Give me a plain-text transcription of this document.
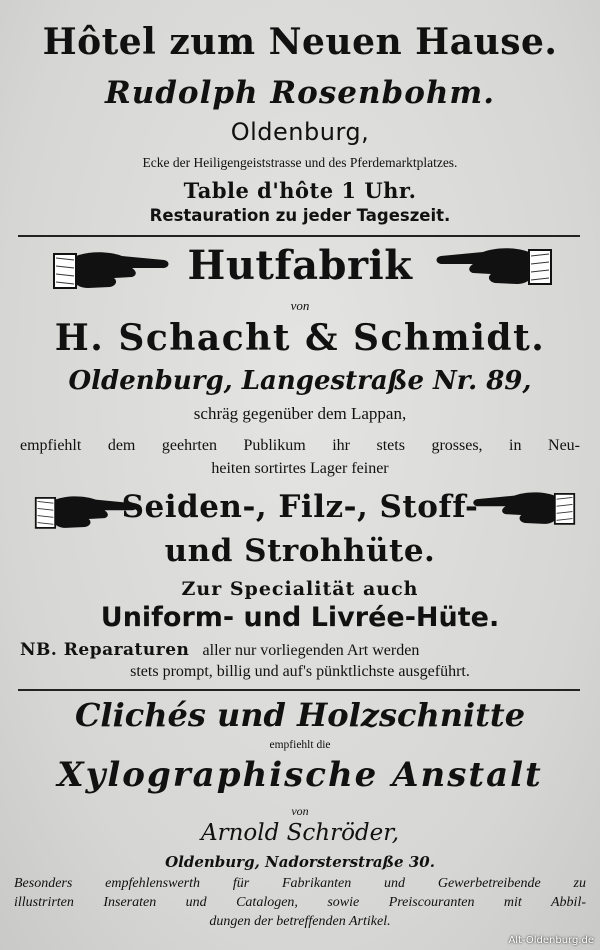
Hôtel zum Neuen Hause.
Rudolph Rosenbohm.
Oldenburg,
Ecke der Heiligengeiststrasse und des Pferdemarktplatzes.
Table d'hôte 1 Uhr.
Restauration zu jeder Tageszeit.
Hutfabrik
von
H. Schacht & Schmidt.
Oldenburg, Langestraße Nr. 89,
schräg gegenüber dem Lappan,
empfiehlt dem geehrten Publikum ihr stets grosses, in Neu-
heiten sortirtes Lager feiner
Seiden-, Filz-, Stoff-
und Strohhüte.
Zur Specialität auch
Uniform- und Livrée-Hüte.
NB. Reparaturen aller nur vorliegenden Art werden
stets prompt, billig und auf's pünktlichste ausgeführt.
Clichés und Holzschnitte
empfiehlt die
Xylographische Anstalt
von
Arnold Schröder,
Oldenburg, Nadorsterstraße 30.
Besonders empfehlenswerth für Fabrikanten und Gewerbetreibende zu
illustrirten Inseraten und Catalogen, sowie Preiscouranten mit Abbil-
dungen der betreffenden Artikel.
Alt-Oldenburg.de
